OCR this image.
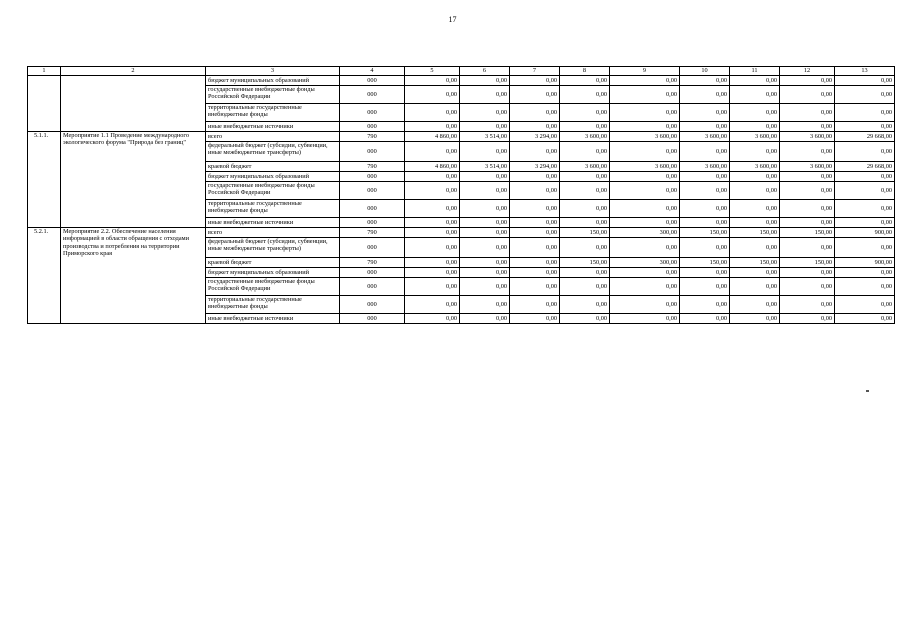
17
1	2	3	4	5	6	7	8	9	10	11	12	13
		бюджет муниципальных образований	000	0,00	0,00	0,00	0,00	0,00	0,00	0,00	0,00	0,00
		государственные внебюджетные фонды Российской Федерации	000	0,00	0,00	0,00	0,00	0,00	0,00	0,00	0,00	0,00
		территориальные государственные внебюджетные фонды	000	0,00	0,00	0,00	0,00	0,00	0,00	0,00	0,00	0,00
		иные внебюджетные источники	000	0,00	0,00	0,00	0,00	0,00	0,00	0,00	0,00	0,00
5.1.1.	Мероприятие 1.1 Проведение международного экологического форума "Природа без границ"	всего	790	4 860,00	3 514,00	3 294,00	3 600,00	3 600,00	3 600,00	3 600,00	3 600,00	29 668,00
		федеральный бюджет (субсидии, субвенции, иные межбюджетные трансферты)	000	0,00	0,00	0,00	0,00	0,00	0,00	0,00	0,00	0,00
		краевой бюджет	790	4 860,00	3 514,00	3 294,00	3 600,00	3 600,00	3 600,00	3 600,00	3 600,00	29 668,00
		бюджет муниципальных образований	000	0,00	0,00	0,00	0,00	0,00	0,00	0,00	0,00	0,00
		государственные внебюджетные фонды Российской Федерации	000	0,00	0,00	0,00	0,00	0,00	0,00	0,00	0,00	0,00
		территориальные государственные внебюджетные фонды	000	0,00	0,00	0,00	0,00	0,00	0,00	0,00	0,00	0,00
		иные внебюджетные источники	000	0,00	0,00	0,00	0,00	0,00	0,00	0,00	0,00	0,00
5.2.1.	Мероприятие 2.2. Обеспечение населения информацией в области обращения с отходами производства и потребления на территории Приморского края	всего	790	0,00	0,00	0,00	150,00	300,00	150,00	150,00	150,00	900,00
		федеральный бюджет (субсидии, субвенции, иные межбюджетные трансферты)	000	0,00	0,00	0,00	0,00	0,00	0,00	0,00	0,00	0,00
		краевой бюджет	790	0,00	0,00	0,00	150,00	300,00	150,00	150,00	150,00	900,00
		бюджет муниципальных образований	000	0,00	0,00	0,00	0,00	0,00	0,00	0,00	0,00	0,00
		государственные внебюджетные фонды Российской Федерации	000	0,00	0,00	0,00	0,00	0,00	0,00	0,00	0,00	0,00
		территориальные государственные внебюджетные фонды	000	0,00	0,00	0,00	0,00	0,00	0,00	0,00	0,00	0,00
		иные внебюджетные источники	000	0,00	0,00	0,00	0,00	0,00	0,00	0,00	0,00	0,00
